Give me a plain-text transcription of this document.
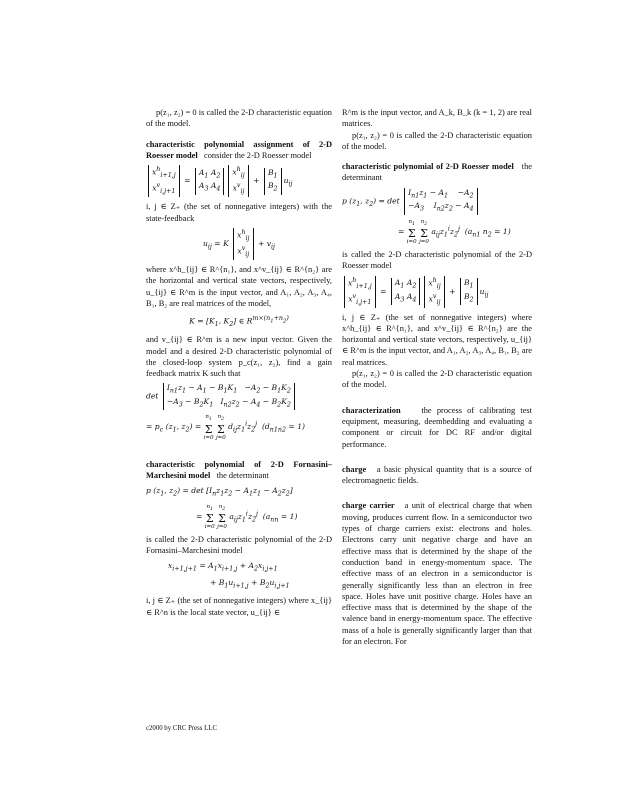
p(z₁, z₂) = 0 is called the 2-D characteristic equation of the model.

characteristic polynomial assignment of 2-D Roesser model consider the 2-D Roesser model

$x^h_{i+1,j}$
$x^v_{i,j+1}$
=
$A_1$ $A_2$
$A_3$ $A_4$
$x^h_{ij}$
$x^v_{ij}$
+
$B_1$
$B_2$
$u_{ij}$

i, j ∈ Z₊ (the set of nonnegative integers) with the state-feedback

$u_{ij} = K$
$x^h_{ij}$
$x^v_{ij}$
+ $v_{ij}$

where x^h_{ij} ∈ R^{n₁}, and x^v_{ij} ∈ R^{n₂} are the horizontal and vertical state vectors, respectively, u_{ij} ∈ R^m is the input vector, and A₁, A₂, A₃, A₄, B₁, B₂ are real matrices of the model,

$K = [K_1$, $K_2$] ∈ $R^{m\times(n_1+n_2)}$

and v_{ij} ∈ R^m is a new input vector. Given the model and a desired 2-D characteristic polynomial of the closed-loop system p_c(z₁, z₂), find a gain feedback matrix K such that

det
$I_{n1}z_1 - A_1 - B_1K_1 -A_2 - B_1K_2$
$-A_3 - B_2K_1$   $I_{n2}z_2 - A_4 - B_2K_2$
= $p_c$ ($z_1$, $z_2$) =
$n_1$
Σ
i=0

$n_2$
Σ
j=0
$d_{ij}z_1^iz_2^j$  $(d_{n1n2} = 1)$

characteristic polynomial of 2-D Fornasini–Marchesini model the determinant

p ($z_1$, $z_2) = \det [I_nz_1z_2 - A_1z_1 - A_2z_2]$
=
$n_1$
Σ
i=0

$n_2$
Σ
j=0
$a_{ij}z_1^iz_2^j$  $(a_{nn} = 1)$

is called the 2-D characteristic polynomial of the 2-D Fornasini–Marchesini model

$x_{i+1,j+1} = A_1x_{i+1,j} + A_2x_{i,j+1}$
+ $B_1u_{i+1,j} + B_2u_{i,j+1}$

i, j ∈ Z₊ (the set of nonnegative integers) where x_{ij} ∈ R^n is the local state vector, u_{ij} ∈

R^m is the input vector, and A_k, B_k (k = 1, 2) are real matrices.

p(z₁, z₂) = 0 is called the 2-D characteristic equation of the model.

characteristic polynomial of 2-D Roesser model the determinant

p ($z_1$, $z_2) = \det$
$I_{n1}z_1 - A_1$    $-A_2$
$-A_3$    $I_{n2}z_2 - A_4$
=
$n_1$
Σ
i=0

$n_2$
Σ
j=0
$a_{ij}z_1^iz_2^j$  ($a_{n1}$ $n_2 = 1$)

is called the 2-D characteristic polynomial of the 2-D Roesser model

$x^h_{i+1,j}$
$x^v_{i,j+1}$
=
$A_1$ $A_2$
$A_3$ $A_4$
$x^h_{ij}$
$x^v_{ij}$
+
$B_1$
$B_2$
$u_{ij}$

i, j ∈ Z₊ (the set of nonnegative integers) where x^h_{ij} ∈ R^{n₁}, and x^v_{ij} ∈ R^{n₂} are the horizontal and vertical state vectors, respectively, u_{ij} ∈ R^m is the input vector, and A₁, A₂, A₃, A₄, B₁, B₂ are real matrices.

p(z₁, z₂) = 0 is called the 2-D characteristic equation of the model.

characterization the process of calibrating test equipment, measuring, deembedding and evaluating a component or circuit for DC RF and/or digital performance.

charge a basic physical quantity that is a source of electromagnetic fields.

charge carrier a unit of electrical charge that when moving, produces current flow. In a semiconductor two types of charge carriers exist: electrons and holes. Electrons carry unit negative charge and have an effective mass that is determined by the shape of the conduction band in energy-momentum space. The effective mass of an electron in a semiconductor is generally significantly less than an electron in free space. Holes have unit positive charge. Holes have an effective mass that is determined by the shape of the valence band in energy-momentum space. The effective mass of a hole is generally significantly larger than that for an electron. For

c2000 by CRC Press LLC
